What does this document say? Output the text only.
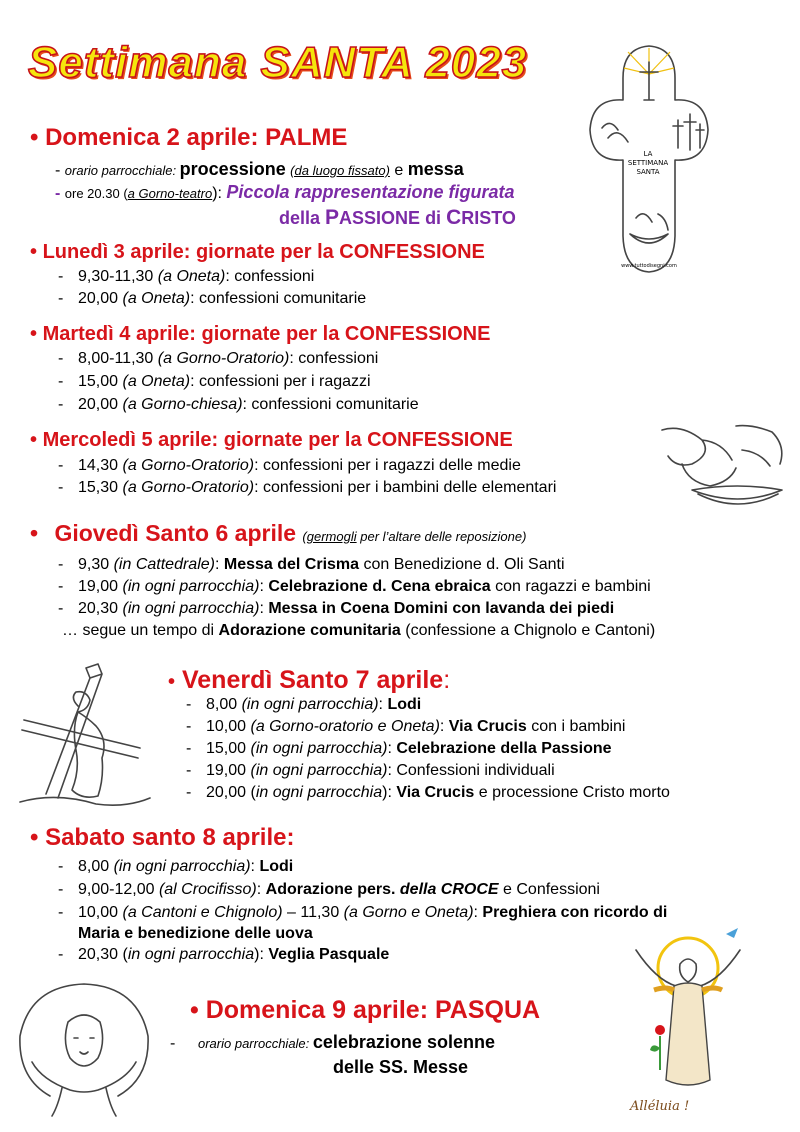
Settimana SANTA 2023
LA
SETTIMANA
SANTA
www.tuttodisegni.com
• Domenica 2 aprile: PALME
- orario parrocchiale: processione (da luogo fissato) e messa
- ore 20.30 (a Gorno-teatro): Piccola rappresentazione figurata
della PASSIONE di CRISTO
• Lunedì 3 aprile: giornate per la CONFESSIONE
- 9,30-11,30 (a Oneta): confessioni
- 20,00 (a Oneta): confessioni comunitarie
• Martedì 4 aprile: giornate per la CONFESSIONE
- 8,00-11,30 (a Gorno-Oratorio): confessioni
- 15,00 (a Oneta): confessioni per i ragazzi
- 20,00 (a Gorno-chiesa): confessioni comunitarie
• Mercoledì 5 aprile: giornate per la CONFESSIONE
- 14,30 (a Gorno-Oratorio): confessioni per i ragazzi delle medie
- 15,30 (a Gorno-Oratorio): confessioni per i bambini delle elementari
• Giovedì Santo 6 aprile (germogli per l’altare delle reposizione)
- 9,30 (in Cattedrale): Messa del Crisma con Benedizione d. Oli Santi
- 19,00 (in ogni parrocchia): Celebrazione d. Cena ebraica con ragazzi e bambini
- 20,30 (in ogni parrocchia): Messa in Coena Domini con lavanda dei piedi
… segue un tempo di Adorazione comunitaria (confessione a Chignolo e Cantoni)
• Venerdì Santo 7 aprile:
- 8,00 (in ogni parrocchia): Lodi
- 10,00 (a Gorno-oratorio e Oneta): Via Crucis con i bambini
- 15,00 (in ogni parrocchia): Celebrazione della Passione
- 19,00 (in ogni parrocchia): Confessioni individuali
- 20,00 (in ogni parrocchia): Via Crucis e processione Cristo morto
• Sabato santo 8 aprile:
- 8,00 (in ogni parrocchia): Lodi
- 9,00-12,00 (al Crocifisso): Adorazione pers. della CROCE e Confessioni
- 10,00 (a Cantoni e Chignolo) – 11,30 (a Gorno e Oneta): Preghiera con ricordo di
Maria e benedizione delle uova
- 20,30 (in ogni parrocchia): Veglia Pasquale
Alléluia !
• Domenica 9 aprile: PASQUA
-orario parrocchiale: celebrazione solenne
delle SS. Messe
